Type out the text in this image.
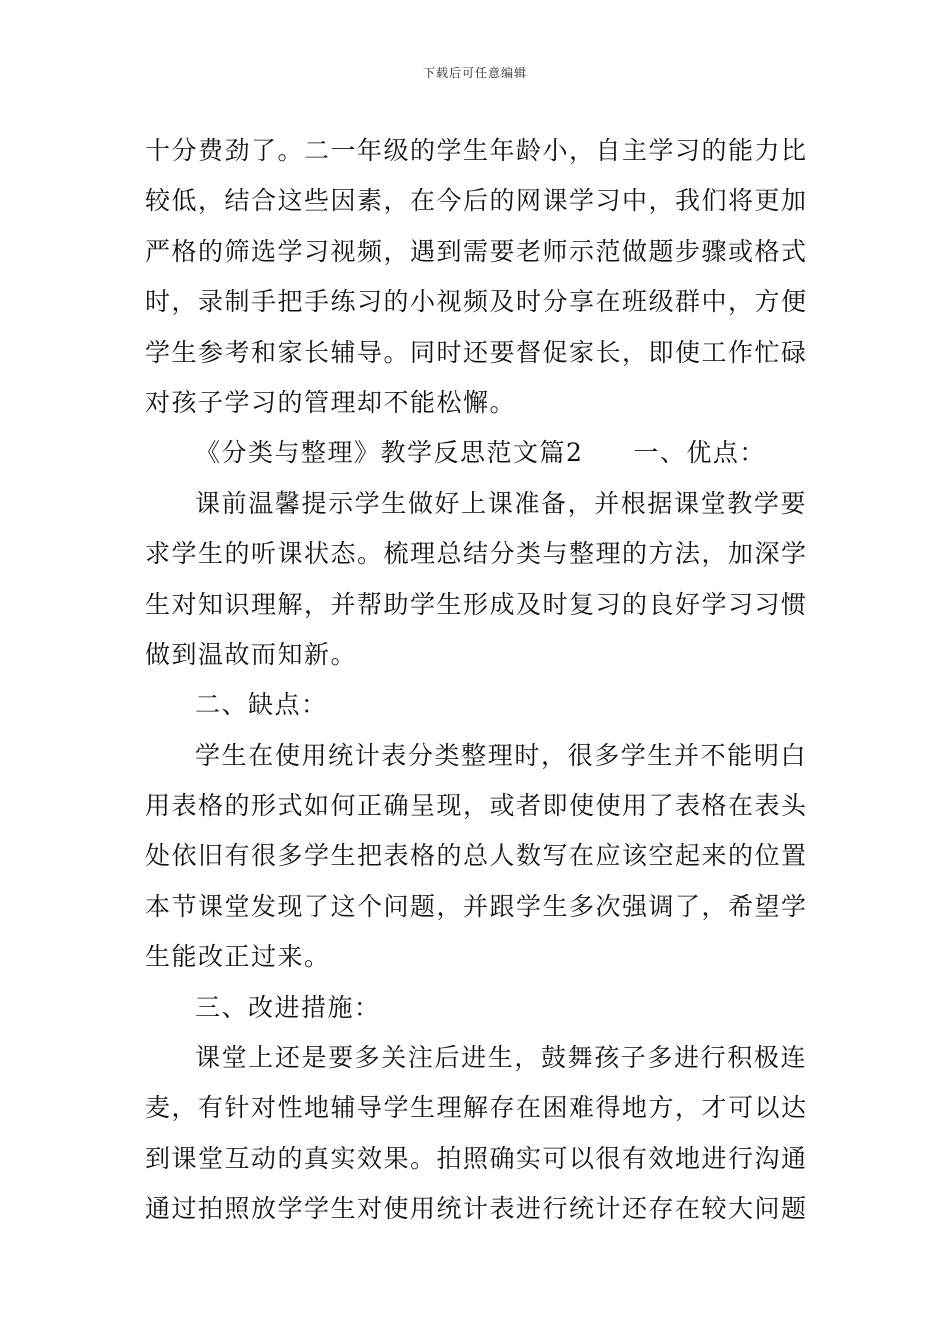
下载后可任意编辑
十分费劲了。二一年级的学生年龄小，自主学习的能力比
较低，结合这些因素，在今后的网课学习中，我们将更加
严格的筛选学习视频，遇到需要老师示范做题步骤或格式
时，录制手把手练习的小视频及时分享在班级群中，方便
学生参考和家长辅导。同时还要督促家长，即使工作忙碌
对孩子学习的管理却不能松懈。
《分类与整理》教学反思范文篇2 一、优点：
课前温馨提示学生做好上课准备，并根据课堂教学要
求学生的听课状态。梳理总结分类与整理的方法，加深学
生对知识理解，并帮助学生形成及时复习的良好学习习惯
做到温故而知新。
二、缺点：
学生在使用统计表分类整理时，很多学生并不能明白
用表格的形式如何正确呈现，或者即使使用了表格在表头
处依旧有很多学生把表格的总人数写在应该空起来的位置
本节课堂发现了这个问题，并跟学生多次强调了，希望学
生能改正过来。
三、改进措施：
课堂上还是要多关注后进生，鼓舞孩子多进行积极连
麦，有针对性地辅导学生理解存在困难得地方，才可以达
到课堂互动的真实效果。拍照确实可以很有效地进行沟通
通过拍照放学学生对使用统计表进行统计还存在较大问题
